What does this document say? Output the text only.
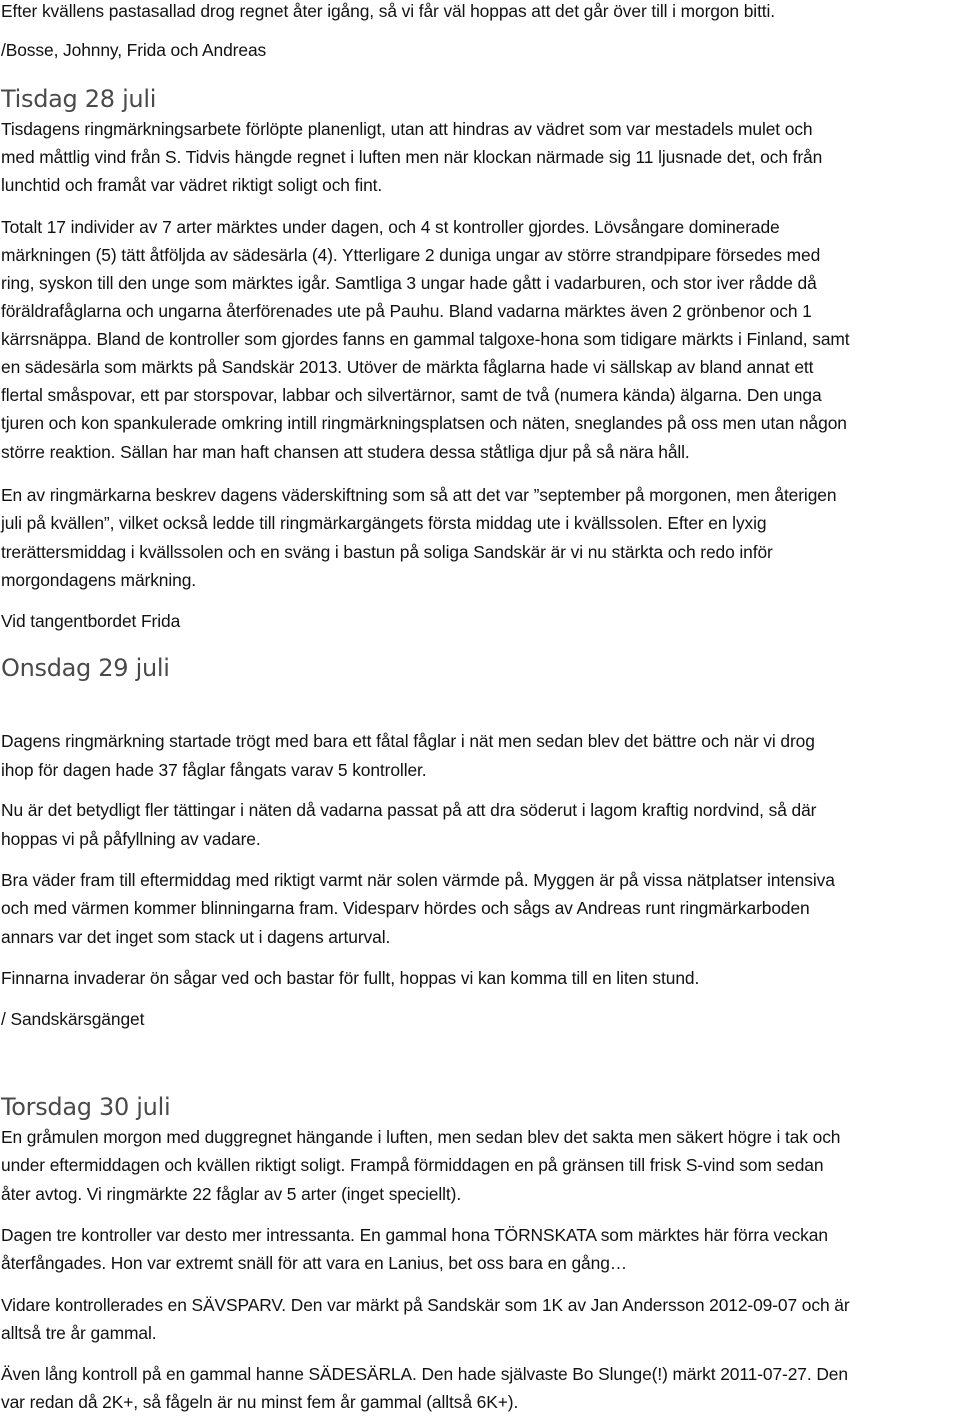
Efter kvällens pastasallad drog regnet åter igång, så vi får väl hoppas att det går över till i morgon bitti.
/Bosse, Johnny, Frida och Andreas
Tisdag 28 juli
Tisdagens ringmärkningsarbete förlöpte planenligt, utan att hindras av vädret som var mestadels mulet och
med måttlig vind från S. Tidvis hängde regnet i luften men när klockan närmade sig 11 ljusnade det, och från
lunchtid och framåt var vädret riktigt soligt och fint.
Totalt 17 individer av 7 arter märktes under dagen, och 4 st kontroller gjordes. Lövsångare dominerade
märkningen (5) tätt åtföljda av sädesärla (4). Ytterligare 2 duniga ungar av större strandpipare försedes med
ring, syskon till den unge som märktes igår. Samtliga 3 ungar hade gått i vadarburen, och stor iver rådde då
föräldrafåglarna och ungarna återförenades ute på Pauhu. Bland vadarna märktes även 2 grönbenor och 1
kärrsnäppa. Bland de kontroller som gjordes fanns en gammal talgoxe-hona som tidigare märkts i Finland, samt
en sädesärla som märkts på Sandskär 2013. Utöver de märkta fåglarna hade vi sällskap av bland annat ett
flertal småspovar, ett par storspovar, labbar och silvertärnor, samt de två (numera kända) älgarna. Den unga
tjuren och kon spankulerade omkring intill ringmärkningsplatsen och näten, sneglandes på oss men utan någon
större reaktion. Sällan har man haft chansen att studera dessa ståtliga djur på så nära håll.
En av ringmärkarna beskrev dagens väderskiftning som så att det var ”september på morgonen, men återigen
juli på kvällen”, vilket också ledde till ringmärkargängets första middag ute i kvällssolen. Efter en lyxig
trerättersmiddag i kvällssolen och en sväng i bastun på soliga Sandskär är vi nu stärkta och redo inför
morgondagens märkning.
Vid tangentbordet Frida
Onsdag 29 juli
Dagens ringmärkning startade trögt med bara ett fåtal fåglar i nät men sedan blev det bättre och när vi drog
ihop för dagen hade 37 fåglar fångats varav 5 kontroller.
Nu är det betydligt fler tättingar i näten då vadarna passat på att dra söderut i lagom kraftig nordvind, så där
hoppas vi på påfyllning av vadare.
Bra väder fram till eftermiddag med riktigt varmt när solen värmde på. Myggen är på vissa nätplatser intensiva
och med värmen kommer blinningarna fram. Videsparv hördes och sågs av Andreas runt ringmärkarboden
annars var det inget som stack ut i dagens arturval.
Finnarna invaderar ön sågar ved och bastar för fullt, hoppas vi kan komma till en liten stund.
/ Sandskärsgänget
Torsdag 30 juli
En gråmulen morgon med duggregnet hängande i luften, men sedan blev det sakta men säkert högre i tak och
under eftermiddagen och kvällen riktigt soligt. Frampå förmiddagen en på gränsen till frisk S-vind som sedan
åter avtog. Vi ringmärkte 22 fåglar av 5 arter (inget speciellt).
Dagen tre kontroller var desto mer intressanta. En gammal hona TÖRNSKATA som märktes här förra veckan
återfångades. Hon var extremt snäll för att vara en Lanius, bet oss bara en gång…
Vidare kontrollerades en SÄVSPARV. Den var märkt på Sandskär som 1K av Jan Andersson 2012-09-07 och är
alltså tre år gammal.
Även lång kontroll på en gammal hanne SÄDESÄRLA. Den hade självaste Bo Slunge(!) märkt 2011-07-27. Den
var redan då 2K+, så fågeln är nu minst fem år gammal (alltså 6K+).
